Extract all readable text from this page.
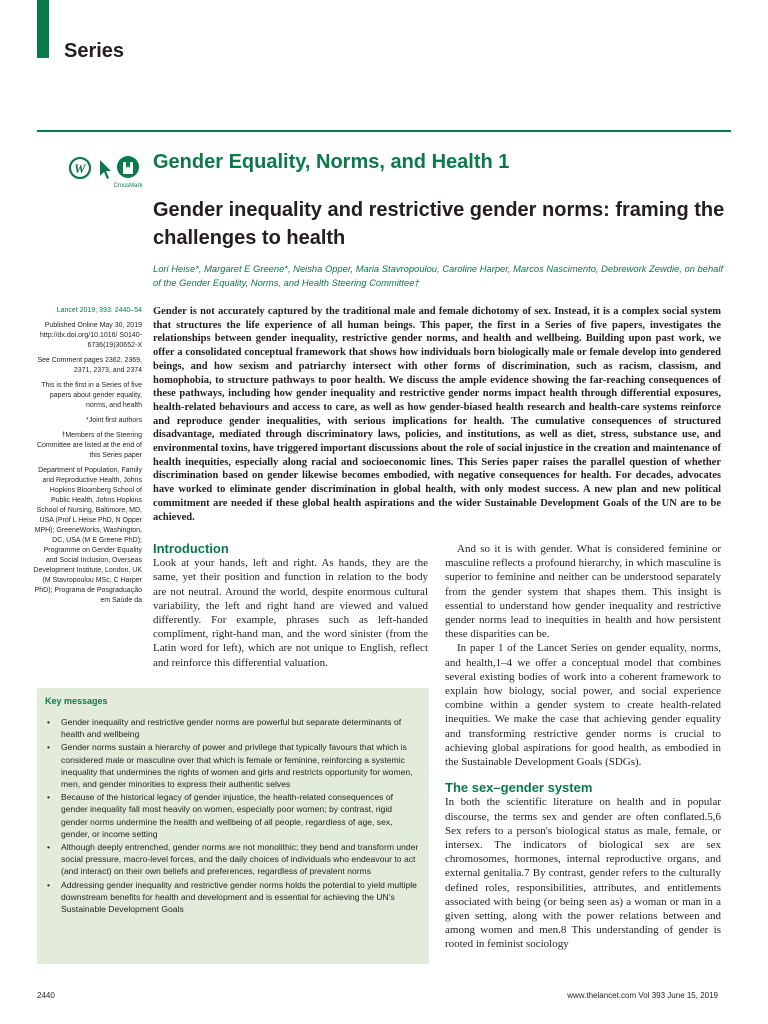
Series
W
CrossMark
Gender Equality, Norms, and Health 1
Gender inequality and restrictive gender norms: framing the challenges to health
Lori Heise*, Margaret E Greene*, Neisha Opper, Maria Stavropoulou, Caroline Harper, Marcos Nascimento, Debrework Zewdie, on behalf of the Gender Equality, Norms, and Health Steering Committee†

Lancet 2019; 393: 2440–54

Published Online May 30, 2019 http://dx.doi.org/10.1016/ S0140-6736(19)30652-X

See Comment pages 2362, 2369, 2371, 2373, and 2374

This is the first in a Series of five papers about gender equality, norms, and health

*Joint first authors

†Members of the Steering Committee are listed at the end of this Series paper

Department of Population, Family and Reproductive Health, Johns Hopkins Bloomberg School of Public Health, Johns Hopkins School of Nursing, Baltimore, MD, USA (Prof L Heise PhD, N Opper MPH); GreeneWorks, Washington, DC, USA (M E Greene PhD); Programme on Gender Equality and Social Inclusion, Overseas Development Institute, London, UK (M Stavropoulou MSc, C Harper PhD); Programa de Posgraduação em Saúde da

Gender is not accurately captured by the traditional male and female dichotomy of sex. Instead, it is a complex social system that structures the life experience of all human beings. This paper, the first in a Series of five papers, investigates the relationships between gender inequality, restrictive gender norms, and health and wellbeing. Building upon past work, we offer a consolidated conceptual framework that shows how individuals born biologically male or female develop into gendered beings, and how sexism and patriarchy intersect with other forms of discrimination, such as racism, classism, and homophobia, to structure pathways to poor health. We discuss the ample evidence showing the far-reaching consequences of these pathways, including how gender inequality and restrictive gender norms impact health through differential exposures, health-related behaviours and access to care, as well as how gender-biased health research and health-care systems reinforce and reproduce gender inequalities, with serious implications for health. The cumulative consequences of structured disadvantage, mediated through discriminatory laws, policies, and institutions, as well as diet, stress, substance use, and environmental toxins, have triggered important discussions about the role of social injustice in the creation and maintenance of health inequities, especially along racial and socioeconomic lines. This Series paper raises the parallel question of whether discrimination based on gender likewise becomes embodied, with negative consequences for health. For decades, advocates have worked to eliminate gender discrimination in global health, with only modest success. A new plan and new political commitment are needed if these global health aspirations and the wider Sustainable Development Goals of the UN are to be achieved.

Introduction

Look at your hands, left and right. As hands, they are the same, yet their position and function in relation to the body are not neutral. Around the world, despite enormous cultural variability, the left and right hand are viewed and valued differently. For example, phrases such as left-handed compliment, right-hand man, and the word sinister (from the Latin word for left), which are not unique to English, reflect and reinforce this differential valuation.

Key messages
• Gender inequality and restrictive gender norms are powerful but separate determinants of health and wellbeing
• Gender norms sustain a hierarchy of power and privilege that typically favours that which is considered male or masculine over that which is female or feminine, reinforcing a systemic inequality that undermines the rights of women and girls and restricts opportunity for women, men, and gender minorities to express their authentic selves
• Because of the historical legacy of gender injustice, the health-related consequences of gender inequality fall most heavily on women, especially poor women; by contrast, rigid gender norms undermine the health and wellbeing of all people, regardless of age, sex, gender, or income setting
• Although deeply entrenched, gender norms are not monolithic; they bend and transform under social pressure, macro-level forces, and the daily choices of individuals who endeavour to act (and interact) on their own beliefs and preferences, regardless of prevalent norms
• Addressing gender inequality and restrictive gender norms holds the potential to yield multiple downstream benefits for health and development and is essential for achieving the UN's Sustainable Development Goals

And so it is with gender. What is considered feminine or masculine reflects a profound hierarchy, in which masculine is superior to feminine and neither can be understood separately from the gender system that shapes them. This insight is essential to understand how gender inequality and restrictive gender norms lead to inequities in health and how persistent these disparities can be.

In paper 1 of the Lancet Series on gender equality, norms, and health,1–4 we offer a conceptual model that combines several existing bodies of work into a coherent framework to explain how biology, social power, and social experience combine within a gender system to create health-related inequities. We make the case that achieving gender equality and transforming restrictive gender norms is crucial to achieving global aspirations for good health, as embodied in the Sustainable Development Goals (SDGs).

The sex–gender system

In both the scientific literature on health and in popular discourse, the terms sex and gender are often conflated.5,6 Sex refers to a person's biological status as male, female, or intersex. The indicators of biological sex are sex chromosomes, hormones, internal reproductive organs, and external genitalia.7 By contrast, gender refers to the culturally defined roles, responsibilities, attributes, and entitlements associated with being (or being seen as) a woman or man in a given setting, along with the power relations between and among women and men.8 This understanding of gender is rooted in feminist sociology

2440	www.thelancet.com Vol 393 June 15, 2019
